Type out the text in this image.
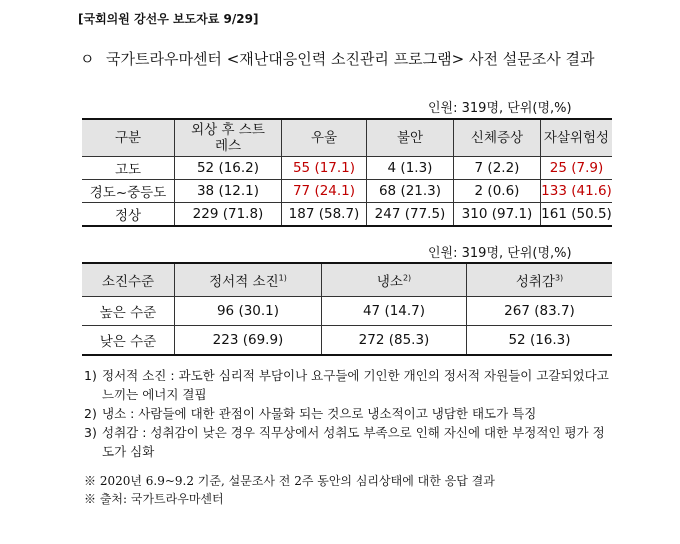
[국회의원 강선우 보도자료 9/29]
ㅇ 국가트라우마센터 <재난대응인력 소진관리 프로그램> 사전 설문조사 결과
인원: 319명, 단위(명,%)
구분	외상 후 스트레스	우울	불안	신체증상	자살위험성
고도	52 (16.2)	55 (17.1)	4 (1.3)	7 (2.2)	25 (7.9)
경도~중등도	38 (12.1)	77 (24.1)	68 (21.3)	2 (0.6)	133 (41.6)
정상	229 (71.8)	187 (58.7)	247 (77.5)	310 (97.1)	161 (50.5)
인원: 319명, 단위(명,%)
소진수준	정서적 소진$^{1)}$	냉소$^{2)}$	성취감$^{3)}$
높은 수준	96 (30.1)	47 (14.7)	267 (83.7)
낮은 수준	223 (69.9)	272 (85.3)	52 (16.3)
1) 정서적 소진 : 과도한 심리적 부담이나 요구들에 기인한 개인의 정서적 자원들이 고갈되었다고 느끼는 에너지 결핍
2) 냉소 : 사람들에 대한 관점이 사물화 되는 것으로 냉소적이고 냉담한 태도가 특징
3) 성취감 : 성취감이 낮은 경우 직무상에서 성취도 부족으로 인해 자신에 대한 부정적인 평가 정도가 심화
※ 2020년 6.9~9.2 기준, 설문조사 전 2주 동안의 심리상태에 대한 응답 결과
※ 출처: 국가트라우마센터
